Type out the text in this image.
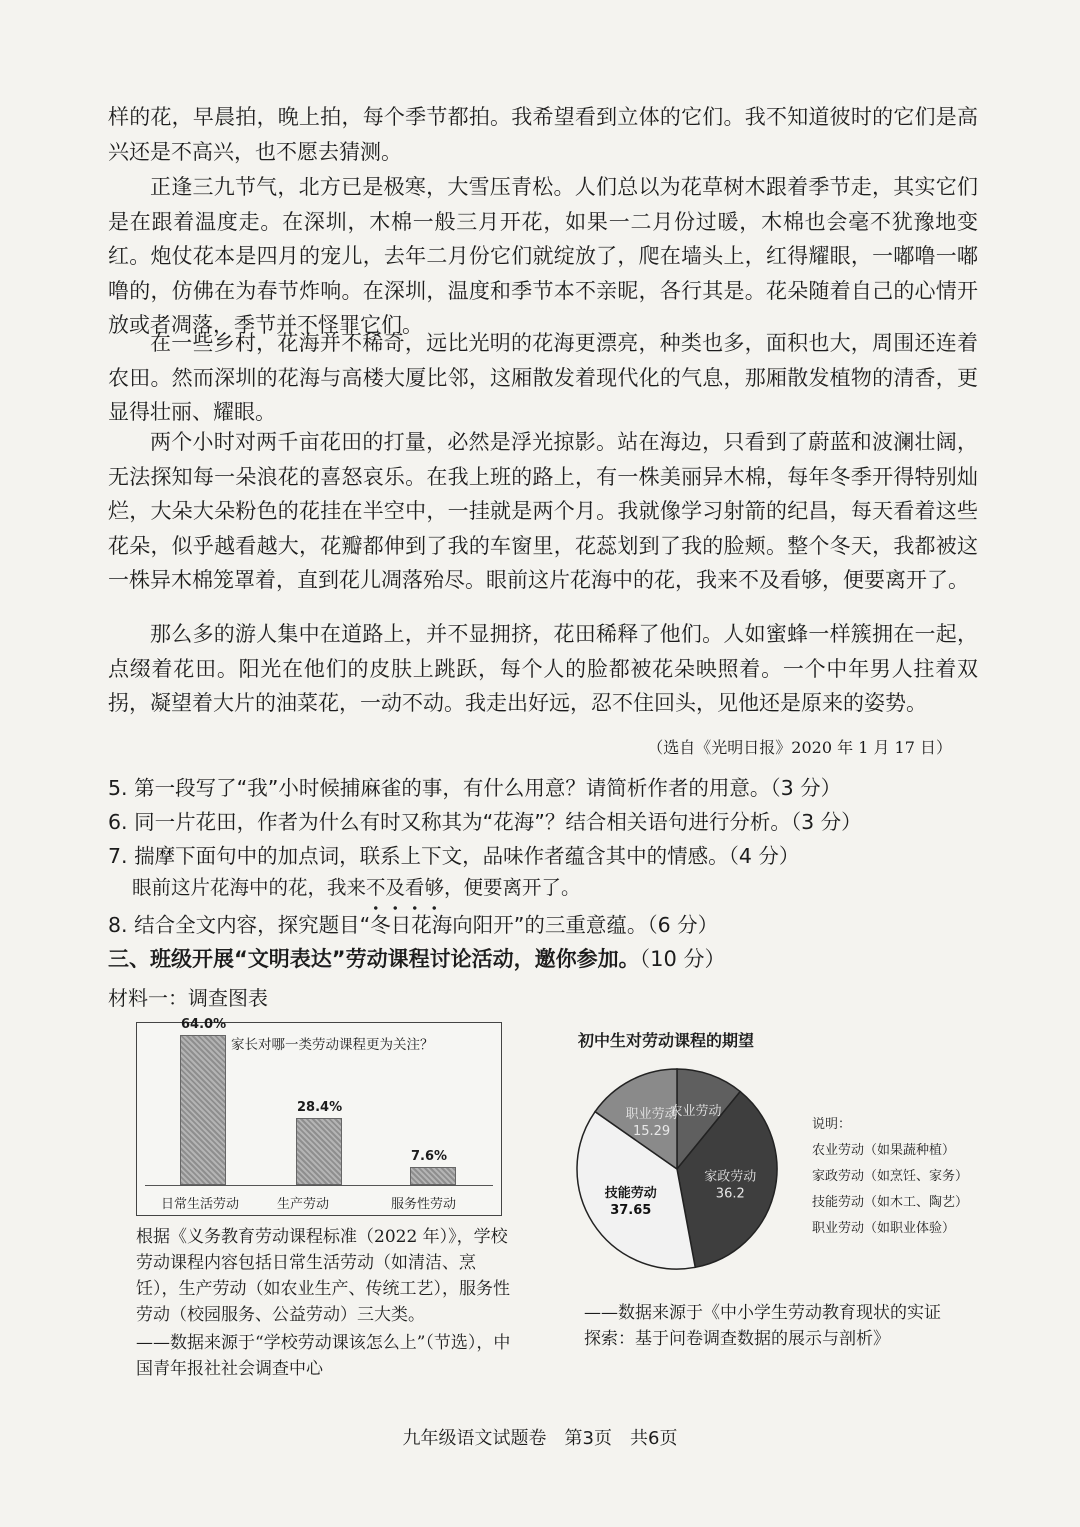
样的花，早晨拍，晚上拍，每个季节都拍。我希望看到立体的它们。我不知道彼时的它们是高兴还是不高兴，也不愿去猜测。

正逢三九节气，北方已是极寒，大雪压青松。人们总以为花草树木跟着季节走，其实它们是在跟着温度走。在深圳，木棉一般三月开花，如果一二月份过暖，木棉也会毫不犹豫地变红。炮仗花本是四月的宠儿，去年二月份它们就绽放了，爬在墙头上，红得耀眼，一嘟噜一嘟噜的，仿佛在为春节炸响。在深圳，温度和季节本不亲昵，各行其是。花朵随着自己的心情开放或者凋落，季节并不怪罪它们。

在一些乡村，花海并不稀奇，远比光明的花海更漂亮，种类也多，面积也大，周围还连着农田。然而深圳的花海与高楼大厦比邻，这厢散发着现代化的气息，那厢散发植物的清香，更显得壮丽、耀眼。

两个小时对两千亩花田的打量，必然是浮光掠影。站在海边，只看到了蔚蓝和波澜壮阔，无法探知每一朵浪花的喜怒哀乐。在我上班的路上，有一株美丽异木棉，每年冬季开得特别灿烂，大朵大朵粉色的花挂在半空中，一挂就是两个月。我就像学习射箭的纪昌，每天看着这些花朵，似乎越看越大，花瓣都伸到了我的车窗里，花蕊划到了我的脸颊。整个冬天，我都被这一株异木棉笼罩着，直到花儿凋落殆尽。眼前这片花海中的花，我来不及看够，便要离开了。

那么多的游人集中在道路上，并不显拥挤，花田稀释了他们。人如蜜蜂一样簇拥在一起，点缀着花田。阳光在他们的皮肤上跳跃，每个人的脸都被花朵映照着。一个中年男人拄着双拐，凝望着大片的油菜花，一动不动。我走出好远，忍不住回头，见他还是原来的姿势。

（选自《光明日报》2020 年 1 月 17 日）

5. 第一段写了“我”小时候捕麻雀的事，有什么用意？请简析作者的用意。（3 分）

6. 同一片花田，作者为什么有时又称其为“花海”？结合相关语句进行分析。（3 分）

7. 揣摩下面句中的加点词，联系上下文，品味作者蕴含其中的情感。（4 分）

眼前这片花海中的花，我来不及看够，便要离开了。

8. 结合全文内容，探究题目“冬日花海向阳开”的三重意蕴。（6 分）

三、班级开展“文明表达”劳动课程讨论活动，邀你参加。（10 分）
材料一：调查图表
家长对哪一类劳动课程更为关注？
64.0%
日常生活劳动
28.4%
生产劳动
7.6%
服务性劳动

根据《义务教育劳动课程标准（2022 年）》，学校劳动课程内容包括日常生活劳动（如清洁、烹饪），生产劳动（如农业生产、传统工艺），服务性劳动（校园服务、公益劳动）三大类。

——数据来源于“学校劳动课该怎么上”（节选），中国青年报社社会调查中心

初中生对劳动课程的期望
农业劳动
家政劳动
36.2
技能劳动
37.65
职业劳动
15.29	说明：
农业劳动（如果蔬种植）
家政劳动（如烹饪、家务）
技能劳动（如木工、陶艺）
职业劳动（如职业体验）

——数据来源于《中小学生劳动教育现状的实证探索：基于问卷调查数据的展示与剖析》

九年级语文试题卷　第3页　共6页
